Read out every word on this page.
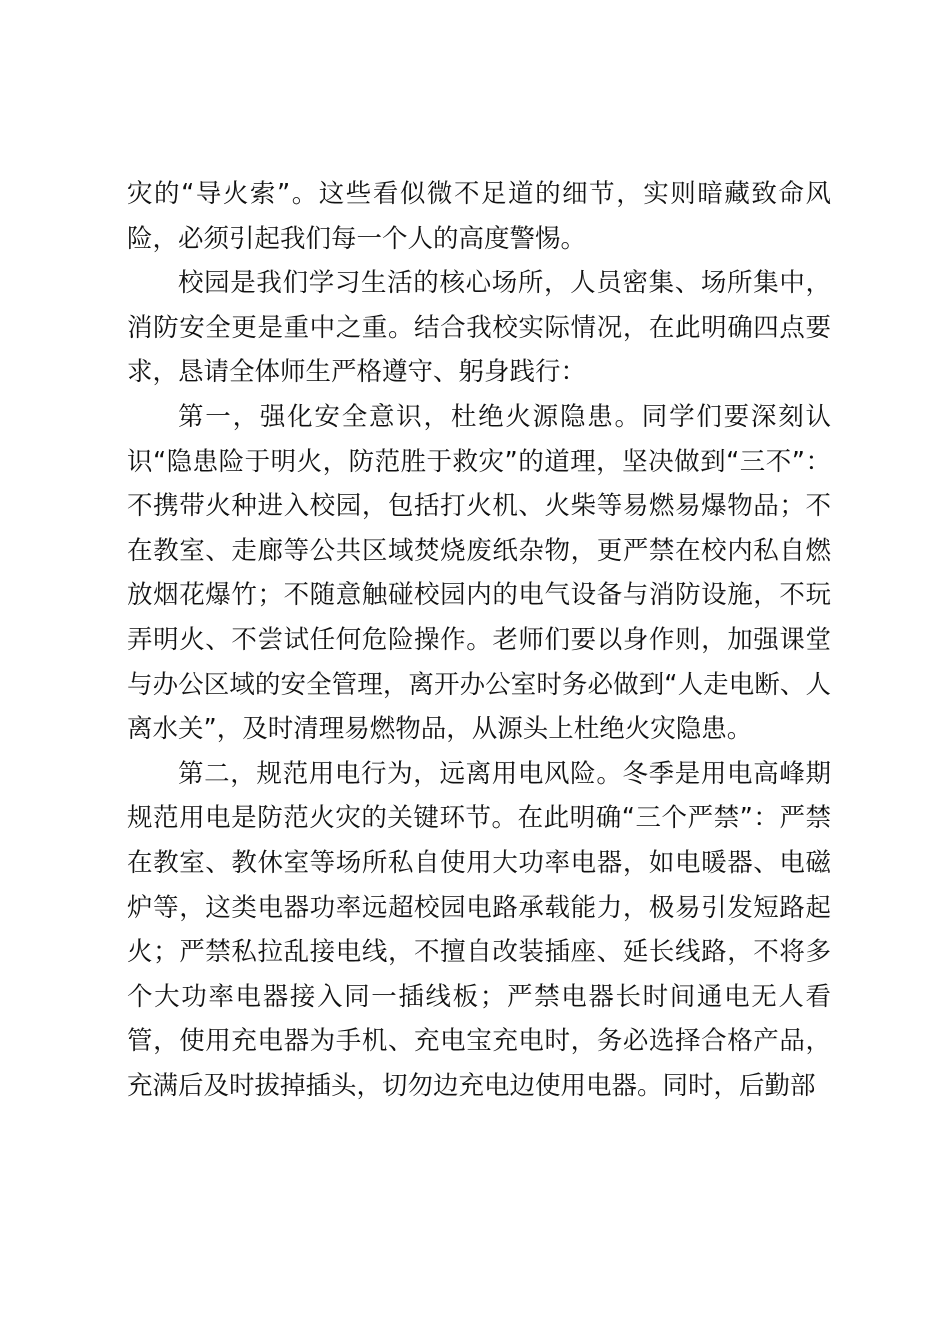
灾的“导火索”。这些看似微不足道的细节，实则暗藏致命风险，必须引起我们每一个人的高度警惕。

校园是我们学习生活的核心场所，人员密集、场所集中，消防安全更是重中之重。结合我校实际情况，在此明确四点要求，恳请全体师生严格遵守、躬身践行：

第一，强化安全意识，杜绝火源隐患。同学们要深刻认识“隐患险于明火，防范胜于救灾”的道理，坚决做到“三不”：不携带火种进入校园，包括打火机、火柴等易燃易爆物品；不在教室、走廊等公共区域焚烧废纸杂物，更严禁在校内私自燃放烟花爆竹；不随意触碰校园内的电气设备与消防设施，不玩弄明火、不尝试任何危险操作。老师们要以身作则，加强课堂与办公区域的安全管理，离开办公室时务必做到“人走电断、人离水关”，及时清理易燃物品，从源头上杜绝火灾隐患。

第二，规范用电行为，远离用电风险。冬季是用电高峰期规范用电是防范火灾的关键环节。在此明确“三个严禁”：严禁在教室、教休室等场所私自使用大功率电器，如电暖器、电磁炉等，这类电器功率远超校园电路承载能力，极易引发短路起火；严禁私拉乱接电线，不擅自改装插座、延长线路，不将多个大功率电器接入同一插线板；严禁电器长时间通电无人看管，使用充电器为手机、充电宝充电时，务必选择合格产品，充满后及时拔掉插头，切勿边充电边使用电器。同时，后勤部
